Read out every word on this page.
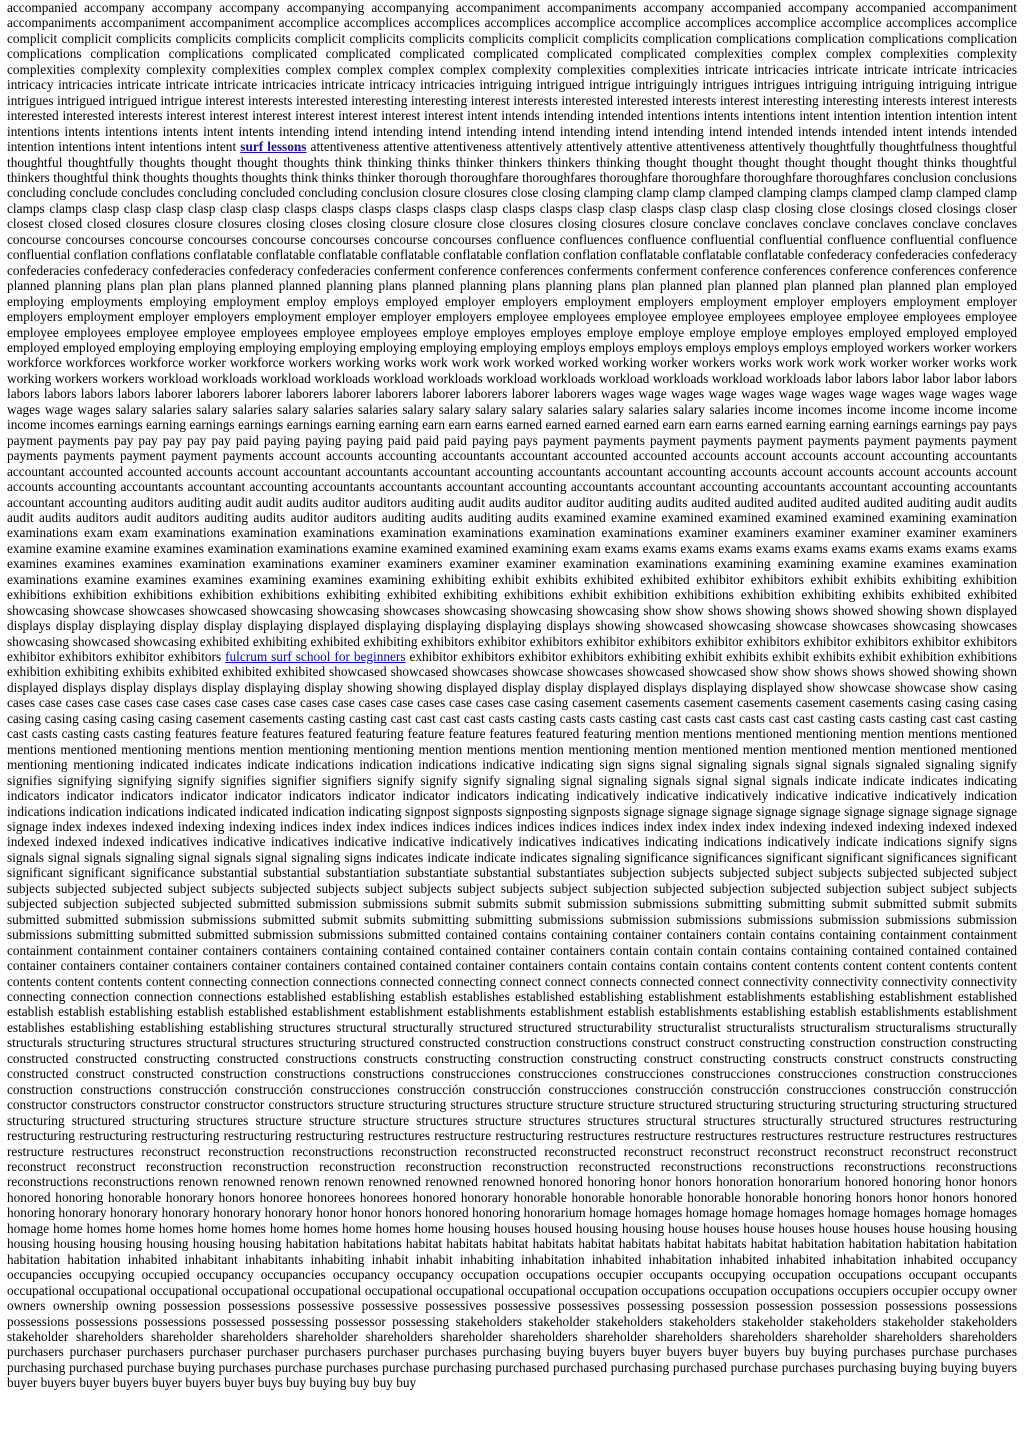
accompanied accompany accompany accompany accompanying accompanying accompaniment accompaniments accompany accompanied accompany accompanied accompaniment accompaniments accompaniment accompaniment accomplice accomplices accomplices accomplices accomplice accomplice accomplices accomplice accomplice accomplices accomplice complicit complicit complicits complicits complicits complicit complicits complicits complicits complicit complicits complication complications complication complications complication complications complication complications complicated complicated complicated complicated complicated complicated complexities complex complex complexities complexity complexities complexity complexity complexities complex complex complex complex complexity complexities complexities intricate intricacies intricate intricate intricate intricacies intricacy intricacies intricate intricate intricate intricacies intricate intricacy intricacies intriguing intrigued intrigue intriguingly intrigues intrigues intriguing intriguing intriguing intrigue intrigues intrigued intrigued intrigue interest interests interested interesting interesting interest interests interested interested interests interest interesting interesting interests interest interests interested interested interests interest interest interest interest interest interest interest intent intends intending intended intentions intents intentions intent intention intention intention intent intentions intents intentions intents intent intents intending intend intending intend intending intend intending intend intending intend intended intends intended intent intends intended intention intentions intent intentions intent surf lessons attentiveness attentive attentiveness attentively attentively attentive attentiveness attentively thoughtfully thoughtfulness thoughtful thoughtful thoughtfully thoughts thought thought thoughts think thinking thinks thinker thinkers thinkers thinking thought thought thought thought thought thought thinks thoughtful thinkers thoughtful think thoughts thoughts thoughts think thinks thinker thorough thoroughfare thoroughfares thoroughfare thoroughfare thoroughfare thoroughfares conclusion conclusions concluding conclude concludes concluding concluded concluding conclusion closure closures close closing clamping clamp clamp clamped clamping clamps clamped clamp clamped clamp clamps clamps clasp clasp clasp clasp clasp clasp clasps clasps clasps clasps clasps clasp clasps clasps clasp clasp clasps clasp clasp clasp closing close closings closed closings closer closest closed closed closures closure closures closing closes closing closure closure close closures closing closures closure conclave conclaves conclave conclaves conclave conclaves concourse concourses concourse concourses concourse concourses concourse concourses confluence confluences confluence confluential confluential confluence confluential confluence confluential conflation conflations conflatable conflatable conflatable conflatable conflatable conflation conflation conflatable conflatable conflatable confederacy confederacies confederacy confederacies confederacy confederacies confederacy confederacies conferment conference conferences conferments conferment conference conferences conference conferences conference planned planning plans plan plan plans planned planned planning plans planned planning plans planning plans plan planned plan planned plan planned plan planned plan employed employing employments employing employment employ employs employed employer employers employment employers employment employer employers employment employer employers employment employer employers employment employer employer employers employee employees employee employee employees employee employee employees employee employee employees employee employee employees employee employees employe employes employes employe employe employe employe employes employed employed employed employed employed employing employing employing employing employing employing employing employs employs employs employs employs employs employed workers worker workers workforce workforces workforce worker workforce workers working works work work work worked worked working worker workers works work work work worker worker works work working workers workers workload workloads workload workloads workload workloads workload workloads workload workloads workload workloads labor labors labor labor labor labors labors labors labors labors laborer laborers laborer laborers laborer laborers laborer laborers laborer laborers wages wage wages wage wages wage wages wage wages wage wages wage wages wage wages salary salaries salary salaries salary salaries salaries salary salary salary salary salaries salary salaries salary salaries income incomes income income income income income incomes earnings earning earnings earnings earnings earning earning earn earn earns earned earned earned earned earn earn earns earned earning earning earnings earnings pay pays payment payments pay pay pay pay pay paid paying paying paying paid paid paid paying pays payment payments payment payments payment payments payment payments payment payments payments payment payment payments account accounts accounting accountants accountant accounted accounted accounts account accounts account accounting accountants accountant accounted accounted accounts account accountant accountants accountant accounting accountants accountant accounting accounts account accounts account accounts account accounts accounting accountants accountant accounting accountants accountants accountant accounting accountants accountant accounting accountants accountant accounting accountants accountant accounting auditors auditing audit audit audits auditor auditors auditing audit audits auditor auditor auditing audits audited audited audited audited audited auditing audit audits audit audits auditors audit auditors auditing audits auditor auditors auditing audits auditing audits examined examine examined examined examined examined examining examination examinations exam exam examinations examination examinations examination examinations examination examinations examiner examiners examiner examiner examiner examiners examine examine examine examines examination examinations examine examined examined examining exam exams exams exams exams exams exams exams exams exams exams exams examines examines examines examination examinations examiner examiners examiner examiner examination examinations examining examining examine examines examination examinations examine examines examines examining examines examining exhibiting exhibit exhibits exhibited exhibited exhibitor exhibitors exhibit exhibits exhibiting exhibition exhibitions exhibition exhibitions exhibition exhibitions exhibiting exhibited exhibiting exhibitions exhibit exhibition exhibitions exhibition exhibiting exhibits exhibited exhibited showcasing showcase showcases showcased showcasing showcasing showcases showcasing showcasing showcasing show show shows showing shows showed showing shown displayed displays display displaying display display displaying displayed displaying displaying displaying displays showing showcased showcasing showcase showcases showcasing showcases showcasing showcased showcasing exhibited exhibiting exhibited exhibiting exhibitors exhibitor exhibitors exhibitor exhibitors exhibitor exhibitors exhibitor exhibitors exhibitor exhibitors exhibitor exhibitors exhibitor exhibitors fulcrum surf school for beginners exhibitor exhibitors exhibitor exhibitors exhibiting exhibit exhibits exhibit exhibits exhibit exhibition exhibitions exhibition exhibiting exhibits exhibited exhibited exhibited showcased showcased showcases showcase showcases showcased showcased show show shows shows showed showing shown displayed displays display displays display displaying display showing showing displayed display display displayed displays displaying displayed show showcase showcase show casing cases case cases case cases case cases case cases case cases case cases case cases case cases case casing casement casements casement casements casement casements casing casing casing casing casing casing casing casing casement casements casting casting cast cast cast cast casts casting casts casts casting cast casts cast casts cast cast casting casts casting cast cast casting cast casts casting casts casting features feature features featured featuring feature feature features featured featuring mention mentions mentioned mentioning mention mentions mentioned mentions mentioned mentioning mentions mention mentioning mentioning mention mentions mention mentioning mention mentioned mention mentioned mention mentioned mentioned mentioning mentioning indicated indicates indicate indications indication indications indicative indicating sign signs signal signaling signals signal signals signaled signaling signify signifies signifying signifying signify signifies signifier signifiers signify signify signify signaling signal signaling signals signal signal signals indicate indicate indicates indicating indicators indicator indicators indicator indicator indicators indicator indicator indicators indicating indicatively indicative indicatively indicative indicative indicatively indication indications indication indications indicated indicated indication indicating signpost signposts signposting signposts signage signage signage signage signage signage signage signage signage signage index indexes indexed indexing indexing indices index index indices indices indices indices indices indices index index index index indexing indexed indexing indexed indexed indexed indexed indexed indicatives indicative indicatives indicative indicative indicatively indicatives indicatives indicating indications indicatively indicate indications signify signs signals signal signals signaling signal signals signal signaling signs indicates indicate indicate indicates signaling significance significances significant significant significances significant significant significant significance substantial substantial substantiation substantiate substantial substantiates subjection subjects subjected subject subjects subjected subjected subject subjects subjected subjected subject subjects subjected subjects subject subjects subject subjects subject subjection subjected subjection subjected subjection subject subject subjects subjected subjection subjected subjected submitted submission submissions submit submits submit submission submissions submitting submitting submit submitted submit submits submitted submitted submission submissions submitted submit submits submitting submitting submissions submission submissions submissions submission submissions submission submissions submitting submitted submitted submission submissions submitted contained contains containing container containers contain contains containing containment containment containment containment container containers containers containing contained contained container containers contain contain contain contains containing contained contained contained container containers container containers container containers contained contained container containers contain contains contain contains content contents content content contents content contents content contents content connecting connection connections connected connecting connect connect connects connected connect connectivity connectivity connectivity connectivity connecting connection connection connections established establishing establish establishes established establishing establishment establishments establishing establishment established establish establish establishing establish established establishment establishment establishments establishment establish establishments establishing establish establishments establishment establishes establishing establishing establishing structures structural structurally structured structured structurability structuralist structuralists structuralism structuralisms structurally structurals structuring structures structural structures structuring structured constructed construction constructions construct construct constructing construction construction constructing constructed constructed constructing constructed constructions constructs constructing construction constructing construct constructing constructs construct constructs constructing constructed construct constructed construction constructions constructions construcciones construcciones construcciones construcciones construcciones construction construcciones construction constructions construcción construcción construcciones construcción construcción construcciones construcción construcción construcciones construcción construcción constructor constructors constructor constructor constructors structure structuring structures structure structure structure structured structuring structuring structuring structuring structured structuring structured structuring structures structure structure structure structures structure structures structures structural structures structurally structured structures restructuring restructuring restructuring restructuring restructuring restructuring restructures restructure restructuring restructures restructure restructures restructures restructure restructures restructures restructure restructures reconstruct reconstruction reconstructions reconstruction reconstructed reconstructed reconstruct reconstruct reconstruct reconstruct reconstruct reconstruct reconstruct reconstruct reconstruction reconstruction reconstruction reconstruction reconstruction reconstructed reconstructions reconstructions reconstructions reconstructions reconstructions reconstructions renown renowned renown renown renowned renowned renowned honored honoring honor honors honoration honorarium honored honoring honor honors honored honoring honorable honorary honors honoree honorees honorees honored honorary honorable honorable honorable honorable honorable honoring honors honor honors honored honoring honorary honorary honorary honorary honorary honor honor honors honored honoring honorarium homage homages homage homage homages homage homages homage homages homage home homes home homes home homes home homes home homes home housing houses housed housing housing house houses house houses house houses house housing housing housing housing housing housing housing housing habitation habitations habitat habitats habitat habitats habitat habitats habitat habitats habitat habitation habitation habitation habitation habitation habitation inhabited inhabitant inhabitants inhabiting inhabit inhabit inhabiting inhabitation inhabited inhabitation inhabited inhabited inhabitation inhabited occupancy occupancies occupying occupied occupancy occupancies occupancy occupancy occupation occupations occupier occupants occupying occupation occupations occupant occupants occupational occupational occupational occupational occupational occupational occupational occupational occupation occupations occupation occupations occupiers occupier occupy owner owners ownership owning possession possessions possessive possessive possessives possessive possessives possessing possession possession possession possessions possessions possessions possessions possessions possessed possessing possessor possessing stakeholders stakeholder stakeholders stakeholders stakeholder stakeholders stakeholder stakeholders stakeholder shareholders shareholder shareholders shareholder shareholders shareholder shareholders shareholder shareholders shareholders shareholder shareholders shareholders purchasers purchaser purchasers purchaser purchaser purchasers purchaser purchases purchasing buying buyers buyer buyers buyer buyers buy buying purchases purchase purchases purchasing purchased purchase buying purchases purchase purchases purchase purchasing purchased purchased purchasing purchased purchase purchases purchasing buying buying buyers buyer buyers buyer buyers buyer buyers buyer buys buy buying buy buy buy
